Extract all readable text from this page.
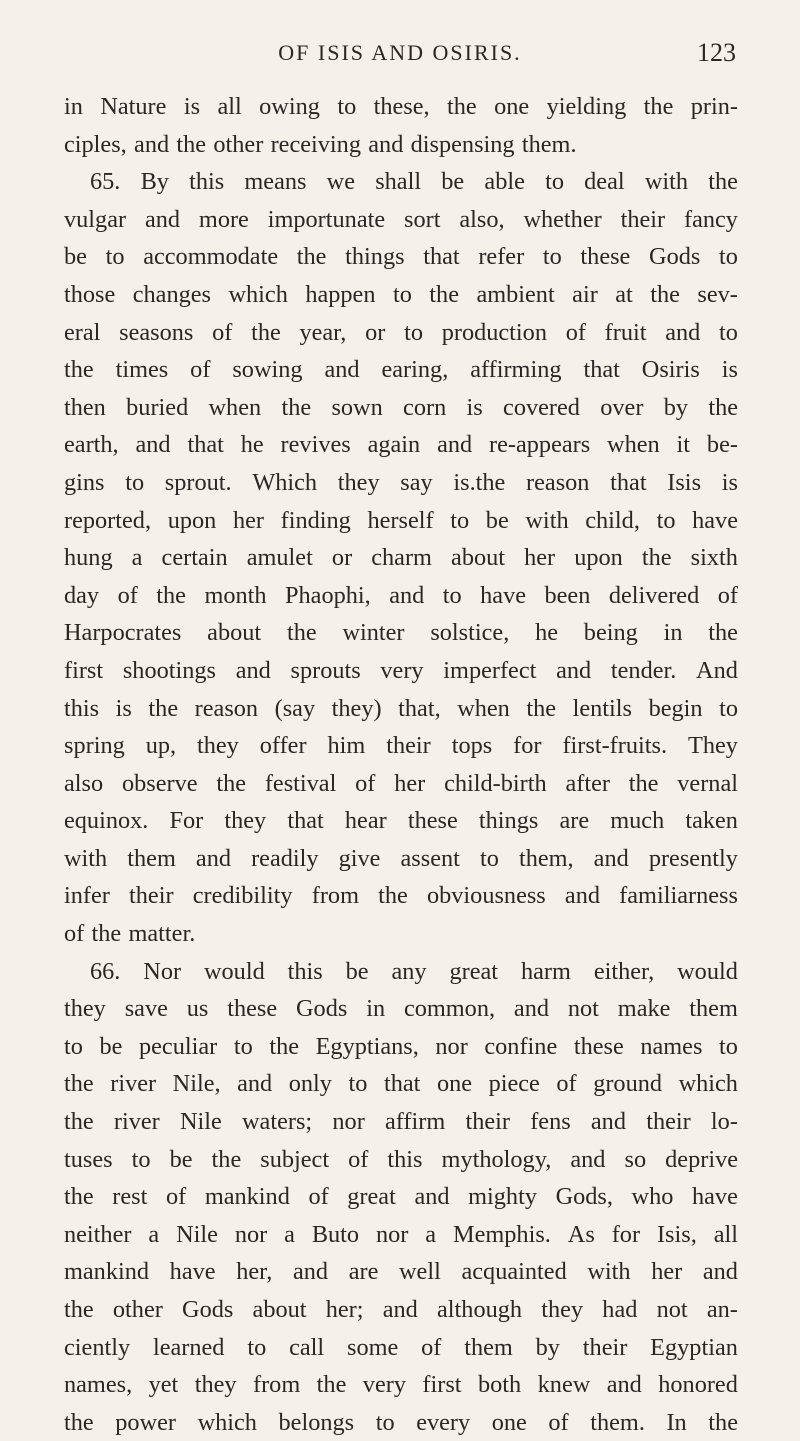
OF ISIS AND OSIRIS.	123
in Nature is all owing to these, the one yielding the prin-
ciples, and the other receiving and dispensing them.
65. By this means we shall be able to deal with the
vulgar and more importunate sort also, whether their fancy
be to accommodate the things that refer to these Gods to
those changes which happen to the ambient air at the sev-
eral seasons of the year, or to production of fruit and to
the times of sowing and earing, affirming that Osiris is
then buried when the sown corn is covered over by the
earth, and that he revives again and re-appears when it be-
gins to sprout. Which they say is.the reason that Isis is
reported, upon her finding herself to be with child, to have
hung a certain amulet or charm about her upon the sixth
day of the month Phaophi, and to have been delivered of
Harpocrates about the winter solstice, he being in the
first shootings and sprouts very imperfect and tender. And
this is the reason (say they) that, when the lentils begin to
spring up, they offer him their tops for first-fruits. They
also observe the festival of her child-birth after the vernal
equinox. For they that hear these things are much taken
with them and readily give assent to them, and presently
infer their credibility from the obviousness and familiarness
of the matter.
66. Nor would this be any great harm either, would
they save us these Gods in common, and not make them
to be peculiar to the Egyptians, nor confine these names to
the river Nile, and only to that one piece of ground which
the river Nile waters; nor affirm their fens and their lo-
tuses to be the subject of this mythology, and so deprive
the rest of mankind of great and mighty Gods, who have
neither a Nile nor a Buto nor a Memphis. As for Isis, all
mankind have her, and are well acquainted with her and
the other Gods about her; and although they had not an-
ciently learned to call some of them by their Egyptian
names, yet they from the very first both knew and honored
the power which belongs to every one of them. In the
